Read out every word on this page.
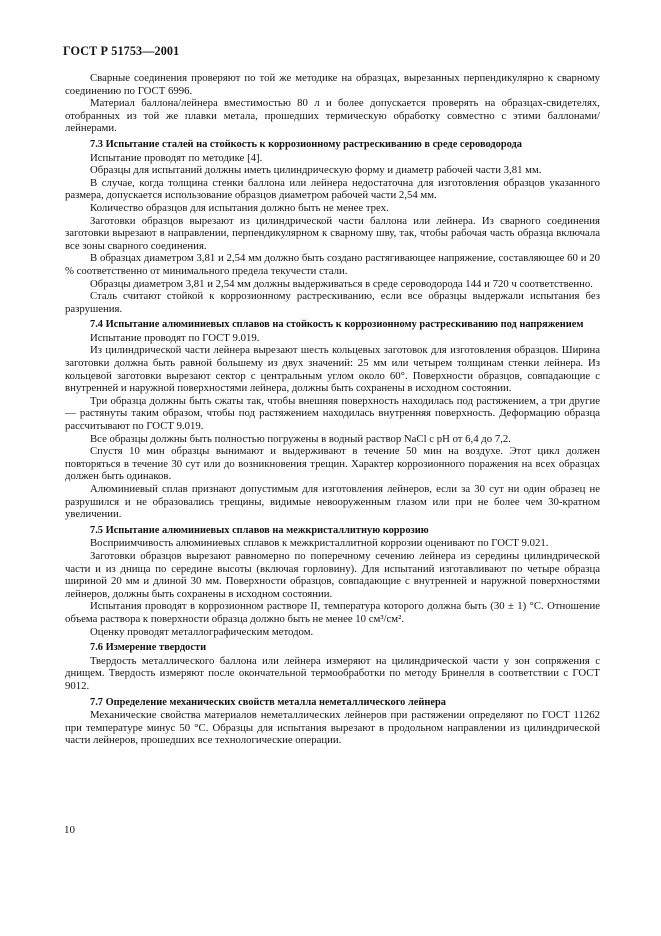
ГОСТ Р 51753—2001

Сварные соединения проверяют по той же методике на образцах, вырезанных перпендикулярно к сварному соединению по ГОСТ 6996.

Материал баллона/лейнера вместимостью 80 л и более допускается проверять на образцах-свидетелях, отобранных из той же плавки метала, прошедших термическую обработку совместно с этими баллонами/лейнерами.

7.3 Испытание сталей на стойкость к коррозионному растрескиванию в среде сероводорода

Испытание проводят по методике [4].

Образцы для испытаний должны иметь цилиндрическую форму и диаметр рабочей части 3,81 мм.

В случае, когда толщина стенки баллона или лейнера недостаточна для изготовления образцов указанного размера, допускается использование образцов диаметром рабочей части 2,54 мм.

Количество образцов для испытания должно быть не менее трех.

Заготовки образцов вырезают из цилиндрической части баллона или лейнера. Из сварного соединения заготовки вырезают в направлении, перпендикулярном к сварному шву, так, чтобы рабочая часть образца включала все зоны сварного соединения.

В образцах диаметром 3,81 и 2,54 мм должно быть создано растягивающее напряжение, составляющее 60 и 20 % соответственно от минимального предела текучести стали.

Образцы диаметром 3,81 и 2,54 мм должны выдерживаться в среде сероводорода 144 и 720 ч соответственно.

Сталь считают стойкой к коррозионному растрескиванию, если все образцы выдержали испытания без разрушения.

7.4 Испытание алюминиевых сплавов на стойкость к коррозионному растрескиванию под напряжением

Испытание проводят по ГОСТ 9.019.

Из цилиндрической части лейнера вырезают шесть кольцевых заготовок для изготовления образцов. Ширина заготовки должна быть равной большему из двух значений: 25 мм или четырем толщинам стенки лейнера. Из кольцевой заготовки вырезают сектор с центральным углом около 60°. Поверхности образцов, совпадающие с внутренней и наружной поверхностями лейнера, должны быть сохранены в исходном состоянии.

Три образца должны быть сжаты так, чтобы внешняя поверхность находилась под растяжением, а три другие — растянуты таким образом, чтобы под растяжением находилась внутренняя поверхность. Деформацию образца рассчитывают по ГОСТ 9.019.

Все образцы должны быть полностью погружены в водный раствор NaCl с pH от 6,4 до 7,2.

Спустя 10 мин образцы вынимают и выдерживают в течение 50 мин на воздухе. Этот цикл должен повторяться в течение 30 сут или до возникновения трещин. Характер коррозионного поражения на всех образцах должен быть одинаков.

Алюминиевый сплав признают допустимым для изготовления лейнеров, если за 30 сут ни один образец не разрушился и не образовались трещины, видимые невооруженным глазом или при не более чем 30-кратном увеличении.

7.5 Испытание алюминиевых сплавов на межкристаллитную коррозию

Восприимчивость алюминиевых сплавов к межкристаллитной коррозии оценивают по ГОСТ 9.021.

Заготовки образцов вырезают равномерно по поперечному сечению лейнера из середины цилиндрической части и из днища по середине высоты (включая горловину). Для испытаний изготавливают по четыре образца шириной 20 мм и длиной 30 мм. Поверхности образцов, совпадающие с внутренней и наружной поверхностями лейнеров, должны быть сохранены в исходном состоянии.

Испытания проводят в коррозионном растворе II, температура которого должна быть (30 ± 1) °С. Отношение объема раствора к поверхности образца должно быть не менее 10 см³/см².

Оценку проводят металлографическим методом.

7.6 Измерение твердости

Твердость металлического баллона или лейнера измеряют на цилиндрической части у зон сопряжения с днищем. Твердость измеряют после окончательной термообработки по методу Бринелля в соответствии с ГОСТ 9012.

7.7 Определение механических свойств металла неметаллического лейнера

Механические свойства материалов неметаллических лейнеров при растяжении определяют по ГОСТ 11262 при температуре минус 50 °С. Образцы для испытания вырезают в продольном направлении из цилиндрической части лейнеров, прошедших все технологические операции.

10
